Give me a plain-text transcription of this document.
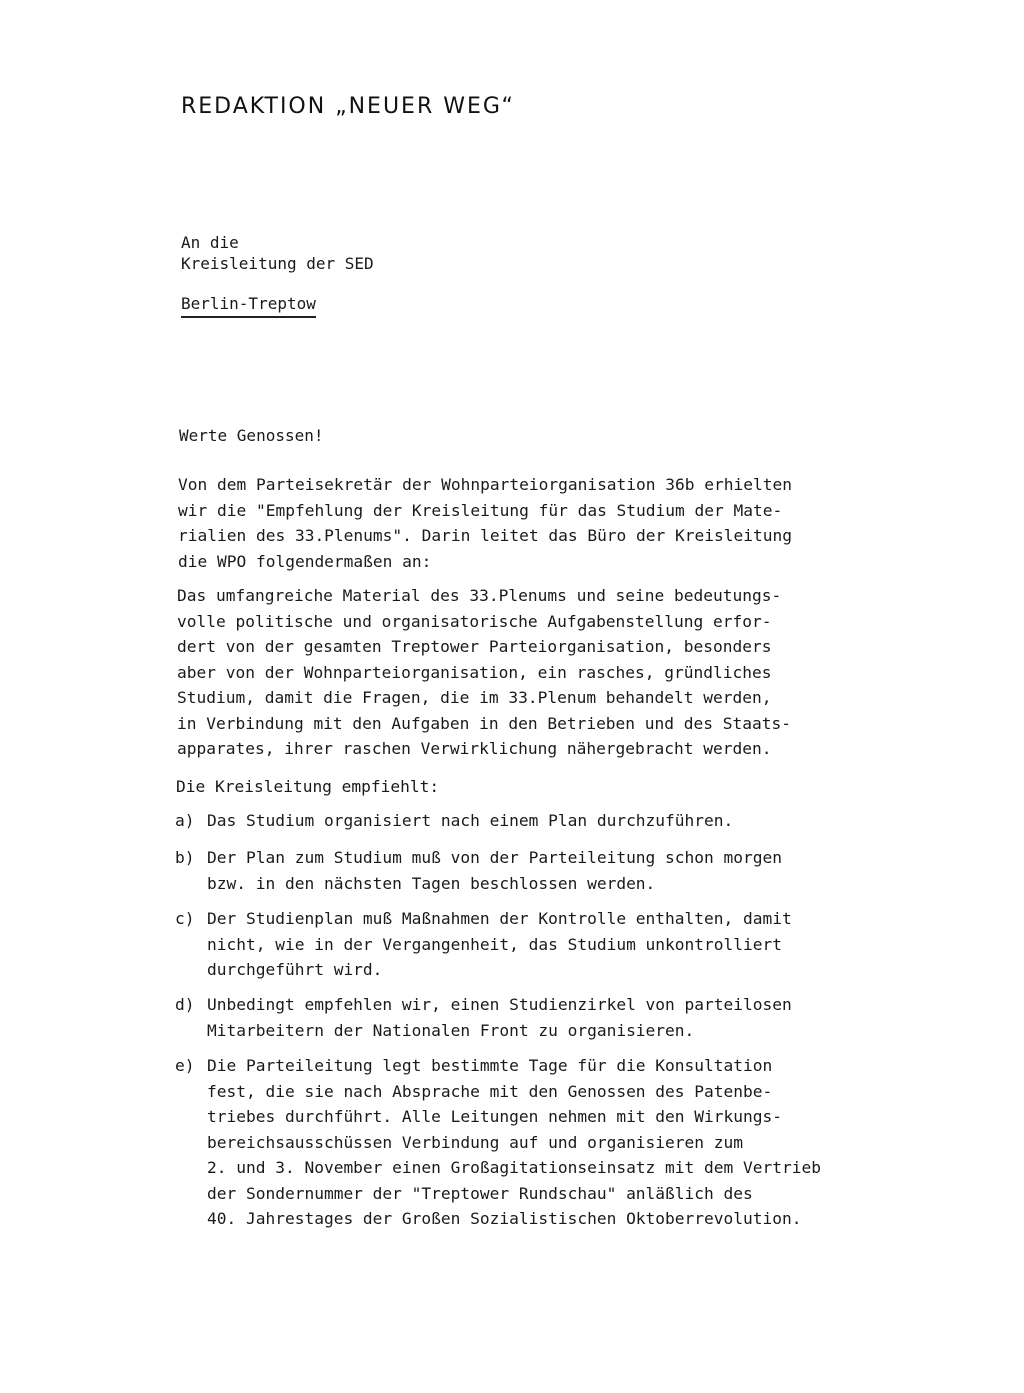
REDAKTION „NEUER WEG“
An die
Kreisleitung der SED
Berlin-Treptow
Werte Genossen!
Von dem Parteisekretär der Wohnparteiorganisation 36b erhielten
wir die "Empfehlung der Kreisleitung für das Studium der Mate-
rialien des 33.Plenums". Darin leitet das Büro der Kreisleitung
die WPO folgendermaßen an:
Das umfangreiche Material des 33.Plenums und seine bedeutungs-
volle politische und organisatorische Aufgabenstellung erfor-
dert von der gesamten Treptower Parteiorganisation, besonders
aber von der Wohnparteiorganisation, ein rasches, gründliches
Studium, damit die Fragen, die im 33.Plenum behandelt werden,
in Verbindung mit den Aufgaben in den Betrieben und des Staats-
apparates, ihrer raschen Verwirklichung nähergebracht werden.
Die Kreisleitung empfiehlt:
a) Das Studium organisiert nach einem Plan durchzuführen.
b) Der Plan zum Studium muß von der Parteileitung schon morgen
bzw. in den nächsten Tagen beschlossen werden.
c) Der Studienplan muß Maßnahmen der Kontrolle enthalten, damit
nicht, wie in der Vergangenheit, das Studium unkontrolliert
durchgeführt wird.
d) Unbedingt empfehlen wir, einen Studienzirkel von parteilosen
Mitarbeitern der Nationalen Front zu organisieren.
e) Die Parteileitung legt bestimmte Tage für die Konsultation
fest, die sie nach Absprache mit den Genossen des Patenbe-
triebes durchführt. Alle Leitungen nehmen mit den Wirkungs-
bereichsausschüssen Verbindung auf und organisieren zum
2. und 3. November einen Großagitationseinsatz mit dem Vertrieb
der Sondernummer der "Treptower Rundschau" anläßlich des
40. Jahrestages der Großen Sozialistischen Oktoberrevolution.
